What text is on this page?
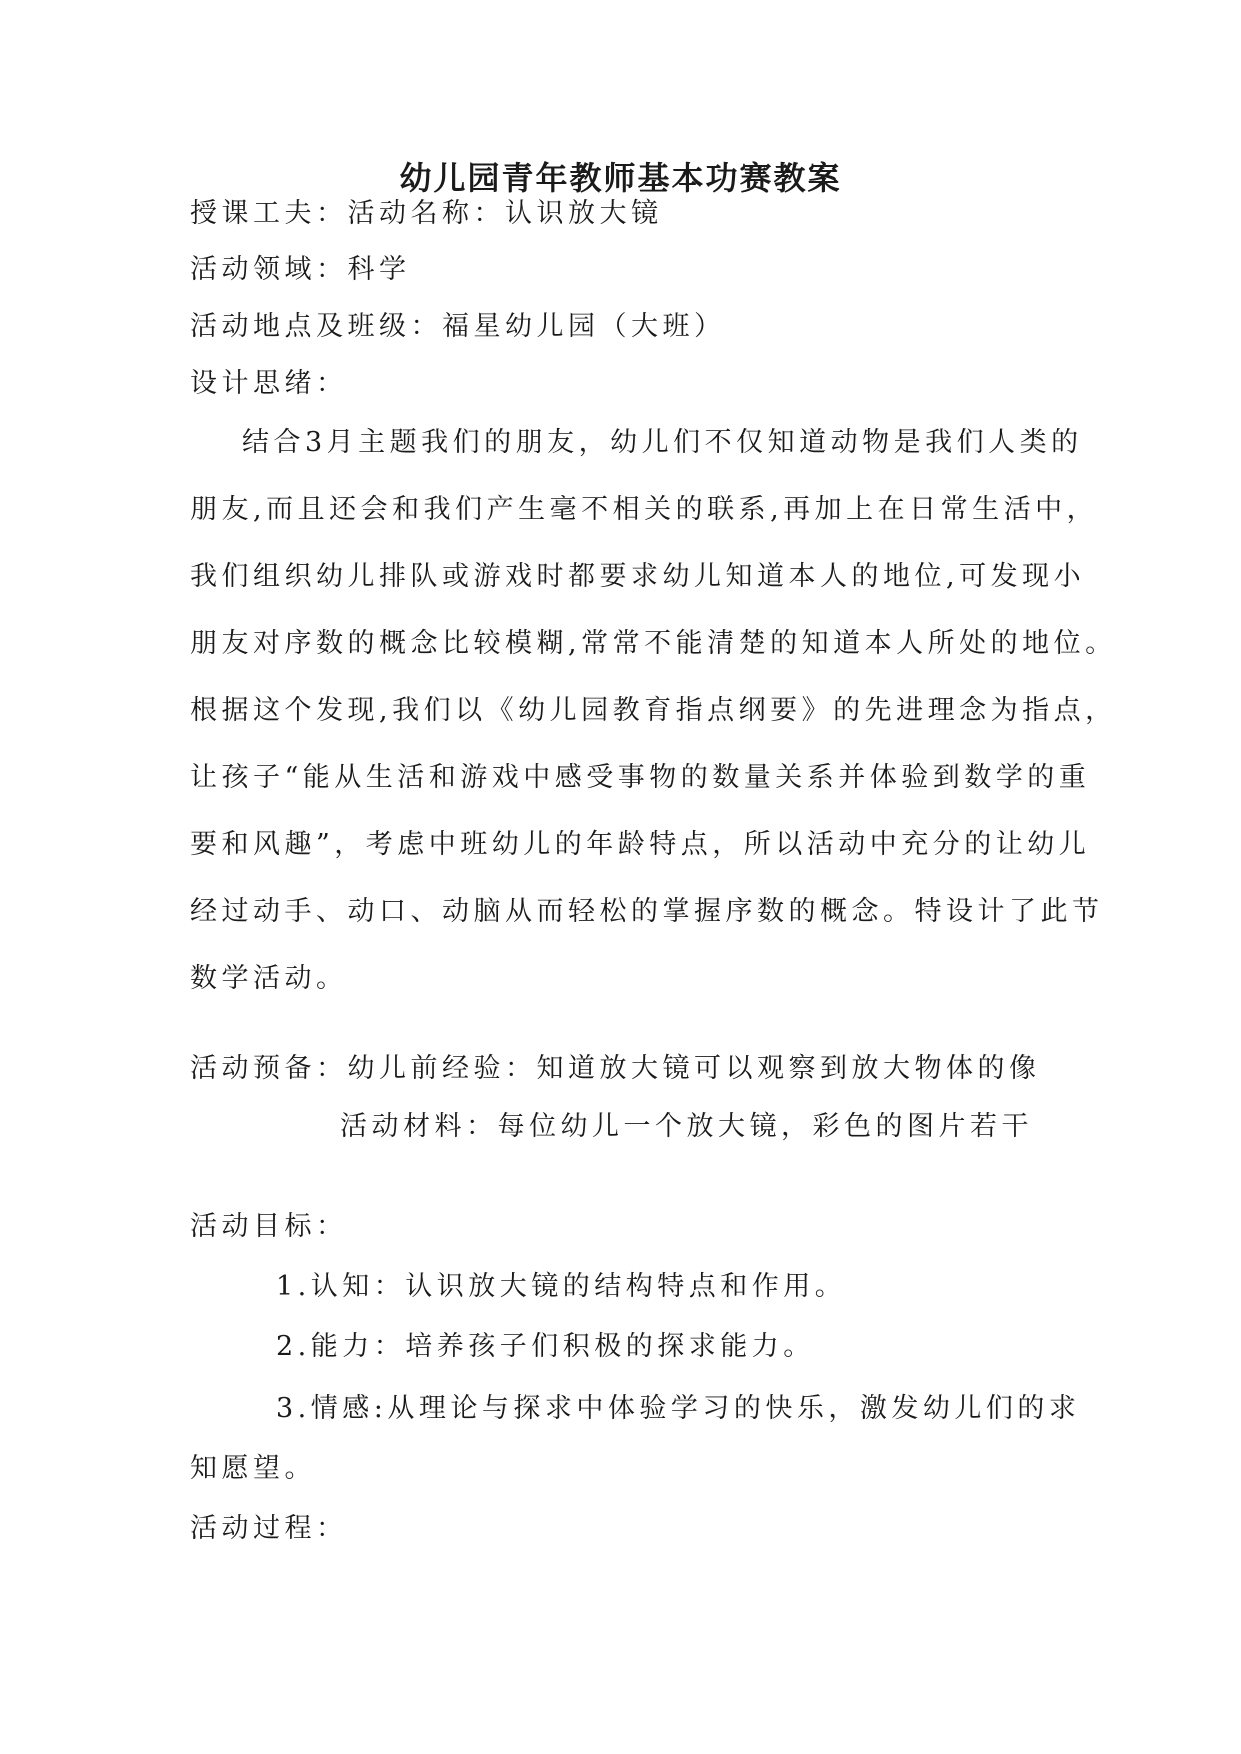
幼儿园青年教师基本功赛教案
授课工夫：活动名称：认识放大镜
活动领域：科学
活动地点及班级：福星幼儿园（大班）
设计思绪：
结合3月主题我们的朋友，幼儿们不仅知道动物是我们人类的
朋友,而且还会和我们产生毫不相关的联系,再加上在日常生活中，
我们组织幼儿排队或游戏时都要求幼儿知道本人的地位,可发现小
朋友对序数的概念比较模糊,常常不能清楚的知道本人所处的地位。
根据这个发现,我们以《幼儿园教育指点纲要》的先进理念为指点，
让孩子“能从生活和游戏中感受事物的数量关系并体验到数学的重
要和风趣”，考虑中班幼儿的年龄特点，所以活动中充分的让幼儿
经过动手、动口、动脑从而轻松的掌握序数的概念。特设计了此节
数学活动。
活动预备：幼儿前经验：知道放大镜可以观察到放大物体的像
活动材料：每位幼儿一个放大镜，彩色的图片若干
活动目标：
1.认知：认识放大镜的结构特点和作用。
2.能力：培养孩子们积极的探求能力。
3.情感:从理论与探求中体验学习的快乐，激发幼儿们的求
知愿望。
活动过程：
